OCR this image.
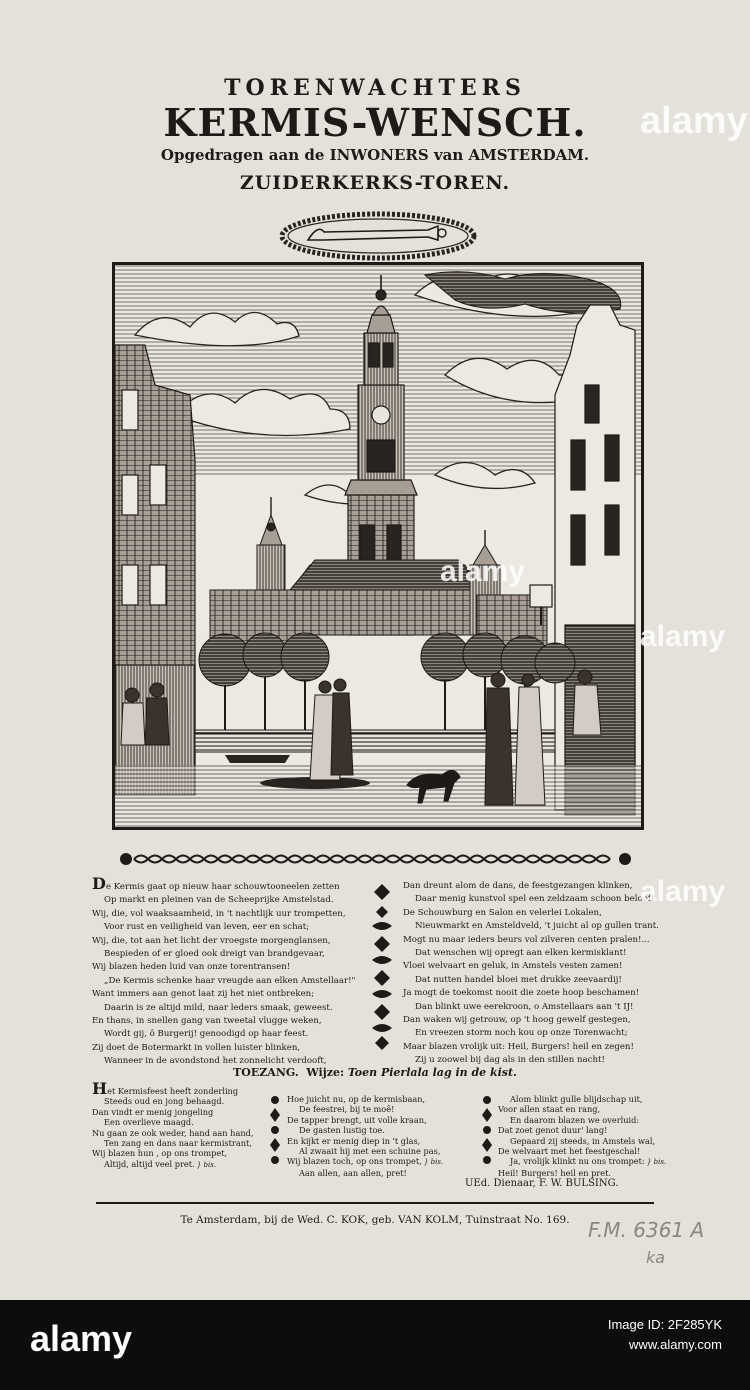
TORENWACHTERS
KERMIS-WENSCH.
Opgedragen aan de INWONERS van AMSTERDAM.
ZUIDERKERKS-TOREN.

De Kermis gaat op nieuw haar schouwtooneelen zetten

Op markt en pleinen van de Scheeprijke Amstelstad.

Wij, die, vol waaksaamheid, in 't nachtlijk uur trompetten,

Voor rust en veiligheid van leven, eer en schat;

Wij, die, tot aan het licht der vroegste morgenglansen,

Bespieden of er gloed ook dreigt van brandgevaar,

Wij blazen heden luid van onze torentransen!

„De Kermis schenke haar vreugde aan elken Amstellaar!"

Want immers aan genot laat zij het niet ontbreken;

Daarin is ze altijd mild, naar leders smaak, geweest.

En thans, in snellen gang van tweetal vlugge weken,

Wordt gij, ô Burgerij! genoodigd op haar feest.

Zij doet de Botermarkt in vollen luister blinken,

Wanneer in de avondstond het zonnelicht verdooft,

Dan dreunt alom de dans, de feestgezangen klinken,

Daar menig kunstvol spel een zeldzaam schoon belooft.

De Schouwburg en Salon en velerlei Lokalen,

Nieuwmarkt en Amsteldveld, 't juicht al op gullen trant.

Mogt nu maar ieders beurs vol zilveren centen pralen!...

Dat wenschen wij opregt aan elken kermisklant!

Vloei welvaart en geluk, in Amstels vesten zamen!

Dat nutten handel bloei met drukke zeevaardij!

Ja mogt de toekomst nooit die zoete hoop beschamen!

Dan blinkt uwe eerekroon, o Amstellaars aan 't IJ!

Dan waken wij getrouw, op 't hoog gewelf gestegen,

En vreezen storm noch kou op onze Torenwacht;

Maar blazen vrolijk uit: Heil, Burgers! heil en zegen!

Zij u zoowel bij dag als in den stillen nacht!

TOEZANG. Wijze: Toen Pierlala lag in de kist.

Het Kermisfeest heeft zonderling

Steeds oud en jong behaagd.

Dan vindt er menig jongeling

Een overlieve maagd.

Nu gaan ze ook weder, hand aan hand,

Ten zang en dans naar kermistrant,

Wij blazen hun , op ons trompet,

Altijd, altijd veel pret. } bis.

Hoe juicht nu, op de kermisbaan,

De feestrei, bij te moê!

De tapper brengt, uit volle kraan,

De gasten lustig toe.

En kijkt er menig diep in 't glas,

Al zwaait hij met een schuine pas,

Wij blazen toch, op ons trompet, } bis.

Aan allen, aan allen, pret!

Alom blinkt gulle blijdschap uit,

Voor allen staat en rang,

En daarom blazen we overluid:

Dat zoet genot duur' lang!

Gepaard zij steeds, in Amstels wal,

De welvaart met het feestgeschal!

Ja, vrolijk klinkt nu ons trompet: } bis.

Heil! Burgers! heil en pret.

UEd. Dienaar, F. W. BULSING.
Te Amsterdam, bij de Wed. C. KOK, geb. VAN KOLM, Tuinstraat No. 169. F.M. 6361 A
ka
alamy
alamy
alamy
alamy
alamy	Image ID: 2F285YK
www.alamy.com
